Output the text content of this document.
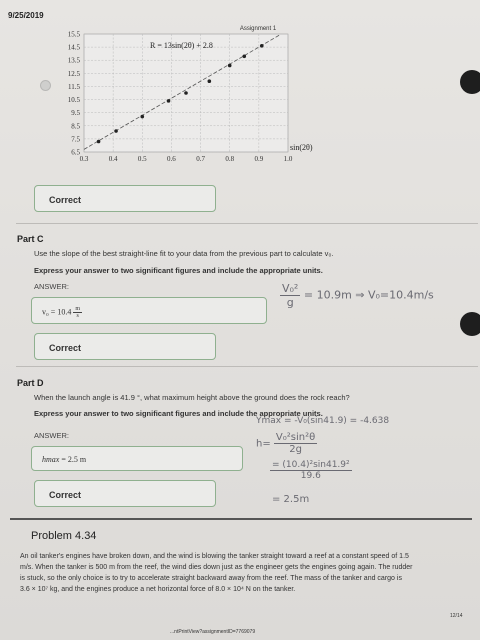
9/25/2019
0.3	0.4	0.5	0.6	0.7	0.8	0.9	1.0
6.5
7.5
8.5
9.5
10.5
11.5
12.5
13.5
14.5
15.5
Assignment 1
R = 13sin(2θ) + 2.8
sin(2θ)
Correct
Part C
Use the slope of the best straight-line fit to your data from the previous part to calculate v₀.
Express your answer to two significant figures and include the appropriate units.
ANSWER:
$v_0 = 10.4 \frac{m}{s}$
$\frac{\text{V₀²}}{g} = 10.9m$ ⇒ V₀=10.4m/s
Correct
Part D
When the launch angle is 41.9 °, what maximum height above the ground does the rock reach?
Express your answer to two significant figures and include the appropriate units.
ANSWER:
hmax = 2.5 m
Ymax = -V₀(sin41.9) = -4.638
$h= \frac{\text{V₀²sin²θ}}{2g}$
$\frac{\text{= (10.4)²sin41.9²}}{19.6}$
= 2.5m
Correct
Problem 4.34
An oil tanker's engines have broken down, and the wind is blowing the tanker straight toward a reef at a constant speed of 1.5
m/s. When the tanker is 500 m from the reef, the wind dies down just as the engineer gets the engines going again. The rudder
is stuck, so the only choice is to try to accelerate straight backward away from the reef. The mass of the tanker and cargo is
3.6 × 10⁷ kg, and the engines produce a net horizontal force of 8.0 × 10⁴ N on the tanker.
12/14
...ntPrintView?assignmentID=7769079
